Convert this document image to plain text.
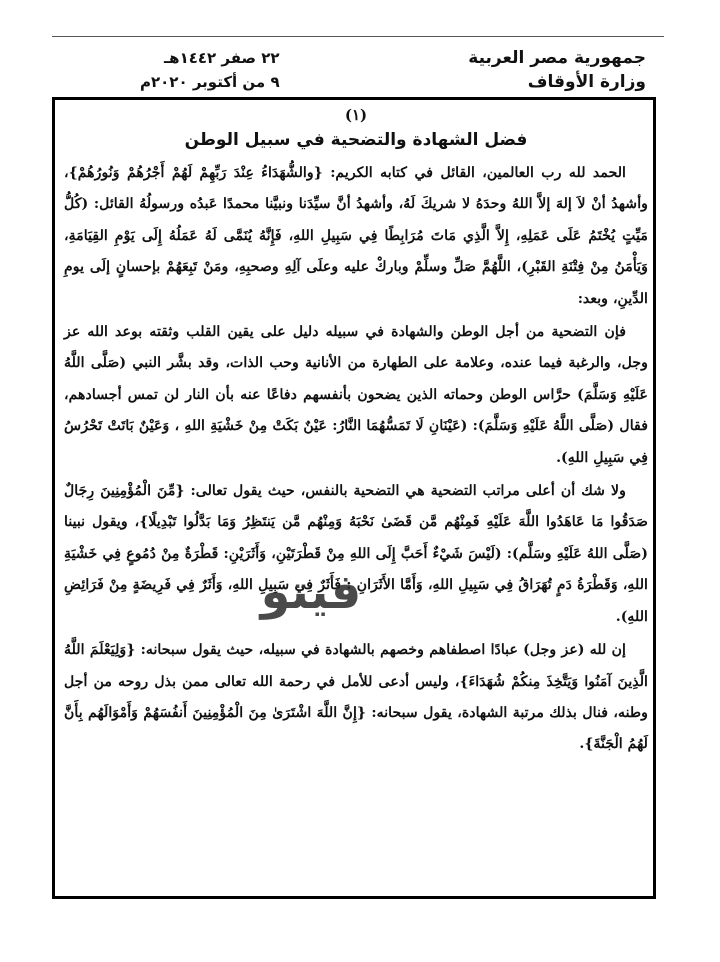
جمهورية مصر العربية
وزارة الأوقاف
٢٢ صفر ١٤٤٢هـ
٩ من أكتوبر ٢٠٢٠م
(١)
فضل الشهادة والتضحية في سبيل الوطن

الحمد لله رب العالمين، القائل في كتابه الكريم: {والشُّهَدَاءُ عِنْدَ رَبِّهِمْ لَهُمْ أَجْرُهُمْ وَنُورُهُمْ}، وأشهدُ أنْ لاَ إلهَ إلاَّ اللهُ وحدَهُ لا شريكَ لَهُ، وأشهدُ أنَّ سيِّدَنا ونبيَّنا محمدًا عَبدُه ورسولُهُ القائل: (كُلُّ مَيِّتٍ يُخْتَمُ عَلَى عَمَلِهِ، إِلاَّ الَّذِي مَاتَ مُرَابِطًا فِي سَبِيلِ اللهِ، فَإِنَّهُ يُنَمَّى لَهُ عَمَلُهُ إِلَى يَوْمِ القِيَامَةِ، وَيَأْمَنُ مِنْ فِتْنَةِ القَبْرِ)، اللَّهُمَّ صَلِّ وسلِّمْ وباركْ عليه وعلَى آلِهِ وصحبِهِ، ومَنْ تَبِعَهُمْ بإحسانٍ إلَى يومِ الدِّينِ، وبعد:

فإن التضحية من أجل الوطن والشهادة في سبيله دليل على يقين القلب وثقته بوعد الله عز وجل، والرغبة فيما عنده، وعلامة على الطهارة من الأنانية وحب الذات، وقد بشَّر النبي (صَلَّى اللَّهُ عَلَيْهِ وَسَلَّمَ) حرَّاس الوطن وحماته الذين يضحون بأنفسهم دفاعًا عنه بأن النار لن تمس أجسادهم، فقال (صَلَّى اللَّهُ عَلَيْهِ وَسَلَّمَ): (عَيْنَانِ لَا تَمَسُّهُمَا النَّارُ: عَيْنٌ بَكَتْ مِنْ خَشْيَةِ اللهِ ، وَعَيْنٌ بَاتَتْ تَحْرُسُ فِي سَبِيلِ اللهِ).

ولا شك أن أعلى مراتب التضحية هي التضحية بالنفس، حيث يقول تعالى: {مِّنَ الْمُؤْمِنِينَ رِجَالٌ صَدَقُوا مَا عَاهَدُوا اللَّهَ عَلَيْهِ فَمِنْهُم مَّن قَضَىٰ نَحْبَهُ وَمِنْهُم مَّن يَنتَظِرُ وَمَا بَدَّلُوا تَبْدِيلًا}، ويقول نبينا (صَلَّى اللهُ عَلَيْهِ وسَلَّم): (لَيْسَ شَيْءٌ أَحَبَّ إِلَى اللهِ مِنْ قَطْرَتَيْنِ، وَأَثَرَيْنِ: قَطْرَةٌ مِنْ دُمُوعٍ فِي خَشْيَةِ اللهِ، وَقَطْرَةُ دَمٍ تُهَرَاقُ فِي سَبِيلِ اللهِ، وَأَمَّا الأَثَرَانِ : فَأَثَرٌ فِي سَبِيلِ اللهِ، وَأَثَرٌ فِي فَرِيضَةٍ مِنْ فَرَائِضِ اللهِ).

إن لله (عز وجل) عبادًا اصطفاهم وخصهم بالشهادة في سبيله، حيث يقول سبحانه: {وَلِيَعْلَمَ اللَّهُ الَّذِينَ آمَنُوا وَيَتَّخِذَ مِنكُمْ شُهَدَاءَ}، وليس أدعى للأمل في رحمة الله تعالى ممن بذل روحه من أجل وطنه، فنال بذلك مرتبة الشهادة، يقول سبحانه: {إِنَّ اللَّهَ اشْتَرَىٰ مِنَ الْمُؤْمِنِينَ أَنفُسَهُمْ وَأَمْوَالَهُم بِأَنَّ لَهُمُ الْجَنَّةَ}.

فيتو
